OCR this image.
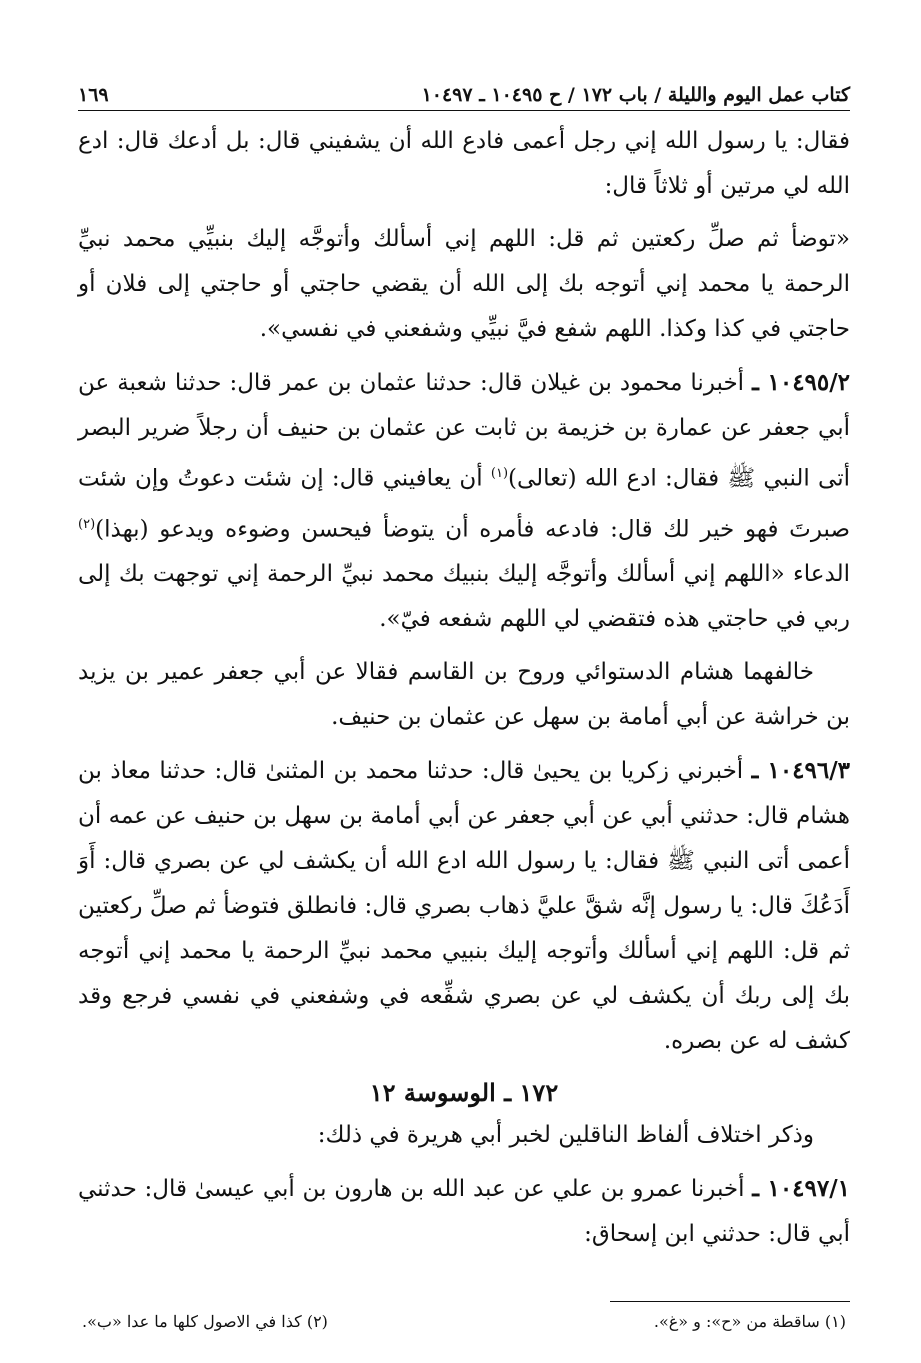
كتاب عمل اليوم والليلة / باب ١٧٢ / ح ١٠٤٩٥ ـ ١٠٤٩٧
١٦٩

فقال: يا رسول الله إني رجل أعمى فادع الله أن يشفيني قال: بل أدعك قال: ادع الله لي مرتين أو ثلاثاً قال:

«توضأ ثم صلِّ ركعتين ثم قل: اللهم إني أسألك وأتوجَّه إليك بنبيِّي محمد نبيِّ الرحمة يا محمد إني أتوجه بك إلى الله أن يقضي حاجتي أو حاجتي إلى فلان أو حاجتي في كذا وكذا. اللهم شفع فيَّ نبيِّي وشفعني في نفسي».

١٠٤٩٥/٢ ـ أخبرنا محمود بن غيلان قال: حدثنا عثمان بن عمر قال: حدثنا شعبة عن أبي جعفر عن عمارة بن خزيمة بن ثابت عن عثمان بن حنيف أن رجلاً ضرير البصر أتى النبي ﷺ فقال: ادع الله (تعالى)$^{(١)}$ أن يعافيني قال: إن شئت دعوتُ وإن شئت صبرتَ فهو خير لك قال: فادعه فأمره أن يتوضأ فيحسن وضوءه ويدعو (بهذا)$^{(٢)}$ الدعاء «اللهم إني أسألك وأتوجَّه إليك بنبيك محمد نبيِّ الرحمة إني توجهت بك إلى ربي في حاجتي هذه فتقضي لي اللهم شفعه فيّ».

خالفهما هشام الدستوائي وروح بن القاسم فقالا عن أبي جعفر عمير بن يزيد بن خراشة عن أبي أمامة بن سهل عن عثمان بن حنيف.

١٠٤٩٦/٣ ـ أخبرني زكريا بن يحيىٰ قال: حدثنا محمد بن المثنىٰ قال: حدثنا معاذ بن هشام قال: حدثني أبي عن أبي جعفر عن أبي أمامة بن سهل بن حنيف عن عمه أن أعمى أتى النبي ﷺ فقال: يا رسول الله ادع الله أن يكشف لي عن بصري قال: أَوَ أَدَعُكَ قال: يا رسول إنَّه شقَّ عليَّ ذهاب بصري قال: فانطلق فتوضأ ثم صلِّ ركعتين ثم قل: اللهم إني أسألك وأتوجه إليك بنبيي محمد نبيِّ الرحمة يا محمد إني أتوجه بك إلى ربك أن يكشف لي عن بصري شفِّعه في وشفعني في نفسي فرجع وقد كشف له عن بصره.

١٧٢ ـ الوسوسة ١٢

وذكر اختلاف ألفاظ الناقلين لخبر أبي هريرة في ذلك:

١٠٤٩٧/١ ـ أخبرنا عمرو بن علي عن عبد الله بن هارون بن أبي عيسىٰ قال: حدثني أبي قال: حدثني ابن إسحاق:

(١) ساقطة من «ح»: و «غ».
(٢) كذا في الاصول كلها ما عدا «ب».
